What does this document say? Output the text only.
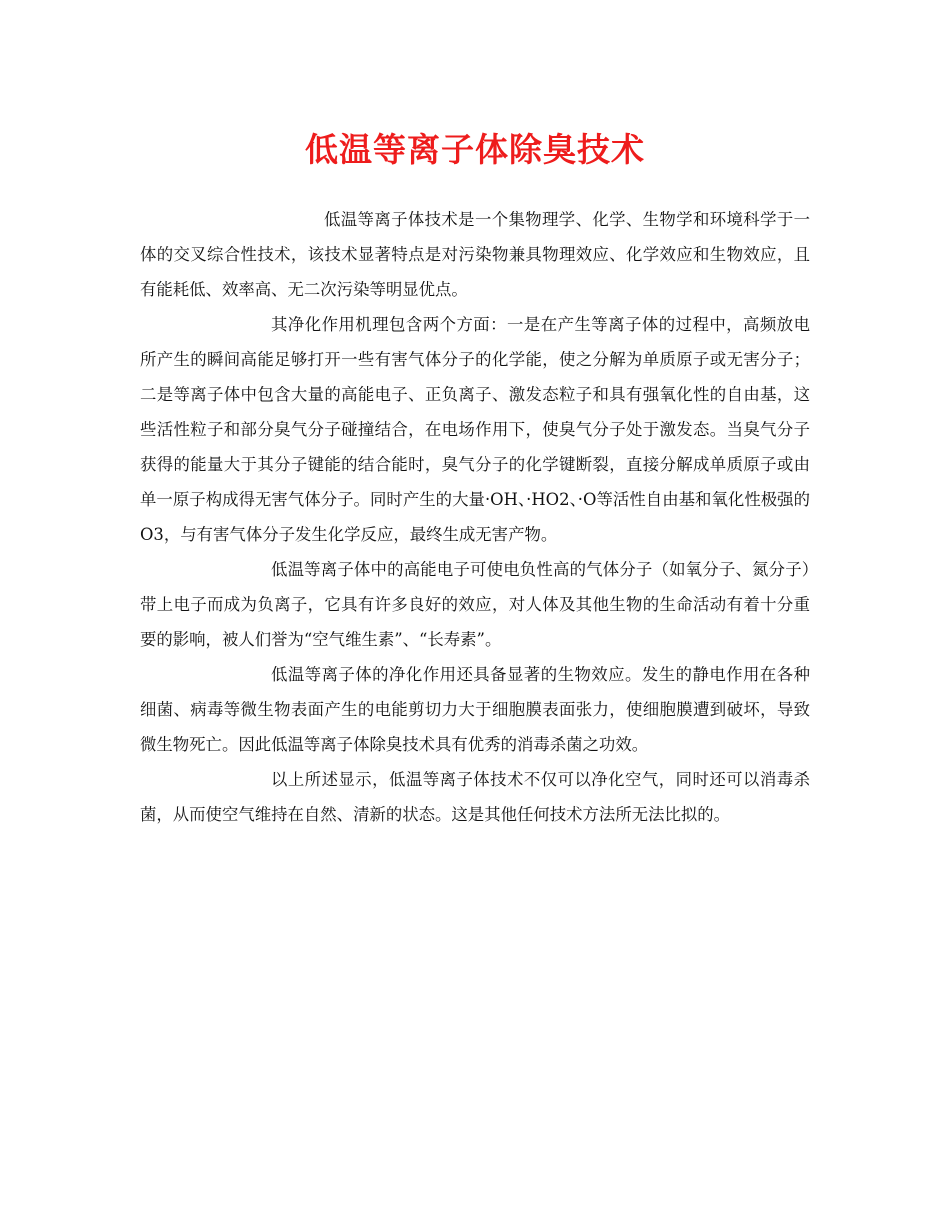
低温等离子体除臭技术

低温等离子体技术是一个集物理学、化学、生物学和环境科学于一体的交叉综合性技术，该技术显著特点是对污染物兼具物理效应、化学效应和生物效应，且有能耗低、效率高、无二次污染等明显优点。

其净化作用机理包含两个方面：一是在产生等离子体的过程中，高频放电所产生的瞬间高能足够打开一些有害气体分子的化学能，使之分解为单质原子或无害分子；二是等离子体中包含大量的高能电子、正负离子、激发态粒子和具有强氧化性的自由基，这些活性粒子和部分臭气分子碰撞结合，在电场作用下，使臭气分子处于激发态。当臭气分子获得的能量大于其分子键能的结合能时，臭气分子的化学键断裂，直接分解成单质原子或由单一原子构成得无害气体分子。同时产生的大量·OH、·HO2、·O等活性自由基和氧化性极强的O3，与有害气体分子发生化学反应，最终生成无害产物。

低温等离子体中的高能电子可使电负性高的气体分子（如氧分子、氮分子）带上电子而成为负离子，它具有许多良好的效应，对人体及其他生物的生命活动有着十分重要的影响，被人们誉为“空气维生素”、“长寿素”。

低温等离子体的净化作用还具备显著的生物效应。发生的静电作用在各种细菌、病毒等微生物表面产生的电能剪切力大于细胞膜表面张力，使细胞膜遭到破坏，导致微生物死亡。因此低温等离子体除臭技术具有优秀的消毒杀菌之功效。

以上所述显示，低温等离子体技术不仅可以净化空气，同时还可以消毒杀菌，从而使空气维持在自然、清新的状态。这是其他任何技术方法所无法比拟的。
